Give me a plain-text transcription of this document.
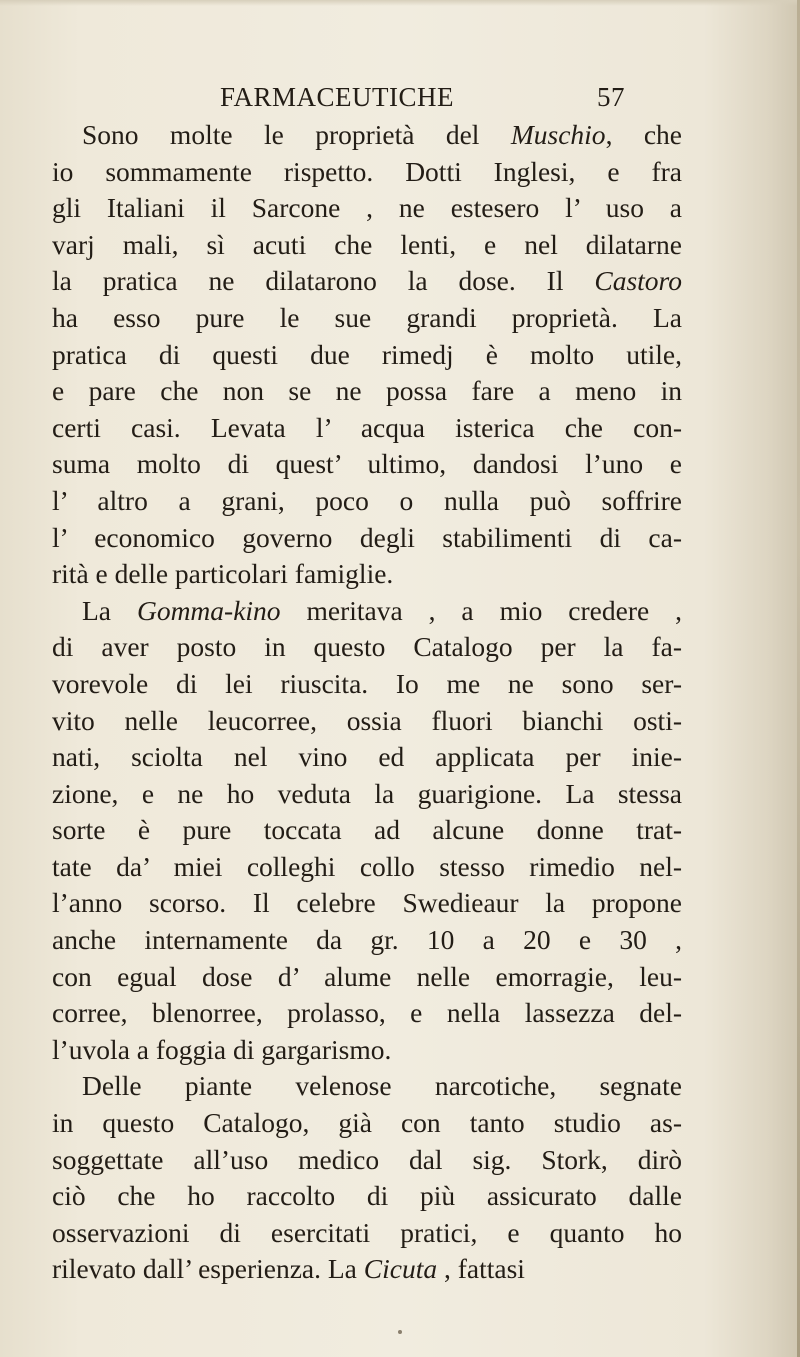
FARMACEUTICHE	57
Sono molte le proprietà del Muschio, che
io sommamente rispetto. Dotti Inglesi, e fra
gli Italiani il Sarcone , ne estesero l’ uso a
varj mali, sì acuti che lenti, e nel dilatarne
la pratica ne dilatarono la dose. Il Castoro
ha esso pure le sue grandi proprietà. La
pratica di questi due rimedj è molto utile,
e pare che non se ne possa fare a meno in
certi casi. Levata l’ acqua isterica che con-
suma molto di quest’ ultimo, dandosi l’uno e
l’ altro a grani, poco o nulla può soffrire
l’ economico governo degli stabilimenti di ca-
rità e delle particolari famiglie.
La Gomma-kino meritava , a mio credere ,
di aver posto in questo Catalogo per la fa-
vorevole di lei riuscita. Io me ne sono ser-
vito nelle leucorree, ossia fluori bianchi osti-
nati, sciolta nel vino ed applicata per inie-
zione, e ne ho veduta la guarigione. La stessa
sorte è pure toccata ad alcune donne trat-
tate da’ miei colleghi collo stesso rimedio nel-
l’anno scorso. Il celebre Swedieaur la propone
anche internamente da gr. 10 a 20 e 30 ,
con egual dose d’ alume nelle emorragie, leu-
corree, blenorree, prolasso, e nella lassezza del-
l’uvola a foggia di gargarismo.
Delle piante velenose narcotiche, segnate
in questo Catalogo, già con tanto studio as-
soggettate all’uso medico dal sig. Stork, dirò
ciò che ho raccolto di più assicurato dalle
osservazioni di esercitati pratici, e quanto ho
rilevato dall’ esperienza. La Cicuta , fattasi
